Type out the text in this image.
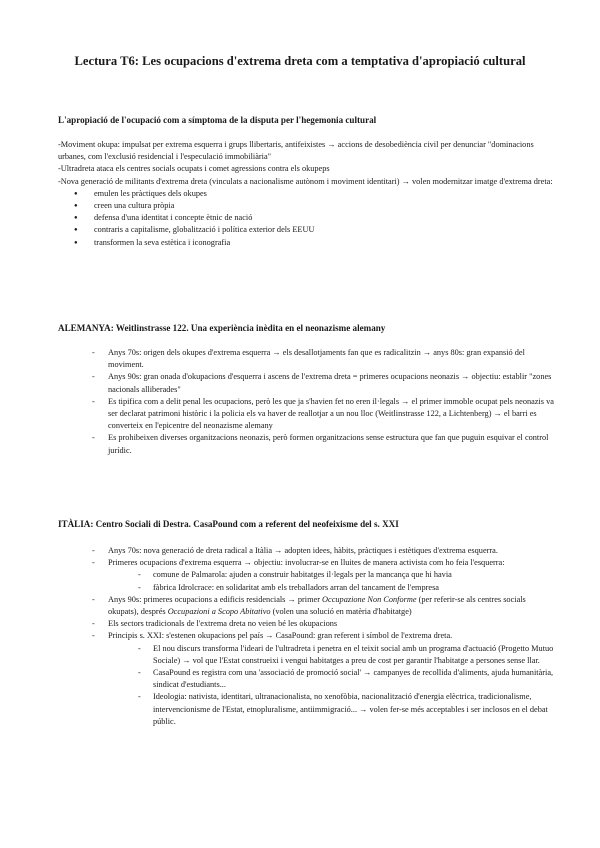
Lectura T6: Les ocupacions d'extrema dreta com a temptativa d'apropiació cultural
L'apropiació de l'ocupació com a símptoma de la disputa per l'hegemonia cultural

-Moviment okupa: impulsat per extrema esquerra i grups llibertaris, antifeixistes → accions de desobediència civil per denunciar "dominacions urbanes, com l'exclusió residencial i l'especulació immobiliària"

-Ultradreta ataca els centres socials ocupats i comet agressions contra els okupeps

-Nova generació de militants d'extrema dreta (vinculats a nacionalisme autònom i moviment identitari) → volen modernitzar imatge d'extrema dreta:

● emulen les pràctiques dels okupes
● creen una cultura pròpia
● defensa d'una identitat i concepte ètnic de nació
● contraris a capitalisme, globalització i política exterior dels EEUU
● transformen la seva estètica i iconografia
ALEMANYA: Weitlinstrasse 122. Una experiència inèdita en el neonazisme alemany
- Anys 70s: origen dels okupes d'extrema esquerra → els desallotjaments fan que es radicalitzin → anys 80s: gran expansió del moviment.
- Anys 90s: gran onada d'okupacions d'esquerra i ascens de l'extrema dreta = primeres ocupacions neonazis → objectiu: establir "zones nacionals alliberades"
- Es tipifica com a delit penal les ocupacions, però les que ja s'havien fet no eren il·legals → el primer immoble ocupat pels neonazis va ser declarat patrimoni històric i la policia els va haver de reallotjar a un nou lloc (Weitlinstrasse 122, a Lichtenberg) → el barri es converteix en l'epicentre del neonazisme alemany
- Es prohibeixen diverses organitzacions neonazis, però formen organitzacions sense estructura que fan que puguin esquivar el control jurídic.
ITÀLIA: Centro Sociali di Destra. CasaPound com a referent del neofeixisme del s. XXI
- Anys 70s: nova generació de dreta radical a Itàlia → adopten idees, hàbits, pràctiques i estètiques d'extrema esquerra.
- Primeres ocupacions d'extrema esquerra → objectiu: involucrar-se en lluites de manera activista com ho feia l'esquerra:
- comune de Palmarola: ajuden a construir habitatges il·legals per la mancança que hi havia
- fàbrica Idrolcrace: en solidaritat amb els treballadors arran del tancament de l'empresa
- Anys 90s: primeres ocupacions a edificis residencials → primer Occupazione Non Conforme (per referir-se als centres socials okupats), després Occupazioni a Scopo Abitativo (volen una solució en matèria d'habitatge)
- Els sectors tradicionals de l'extrema dreta no veien bé les okupacions
- Principis s. XXI: s'estenen okupacions pel país → CasaPound: gran referent i símbol de l'extrema dreta.
- El nou discurs transforma l'ideari de l'ultradreta i penetra en el teixit social amb un programa d'actuació (Progetto Mutuo Sociale) → vol que l'Estat construeixi i vengui habitatges a preu de cost per garantir l'habitatge a persones sense llar.
- CasaPound es registra com una 'associació de promoció social' → campanyes de recollida d'aliments, ajuda humanitària, sindicat d'estudiants...
- Ideologia: nativista, identitari, ultranacionalista, no xenofòbia, nacionalització d'energia elèctrica, tradicionalisme, intervencionisme de l'Estat, etnopluralisme, antiimmigració... → volen fer-se més acceptables i ser inclosos en el debat públic.
